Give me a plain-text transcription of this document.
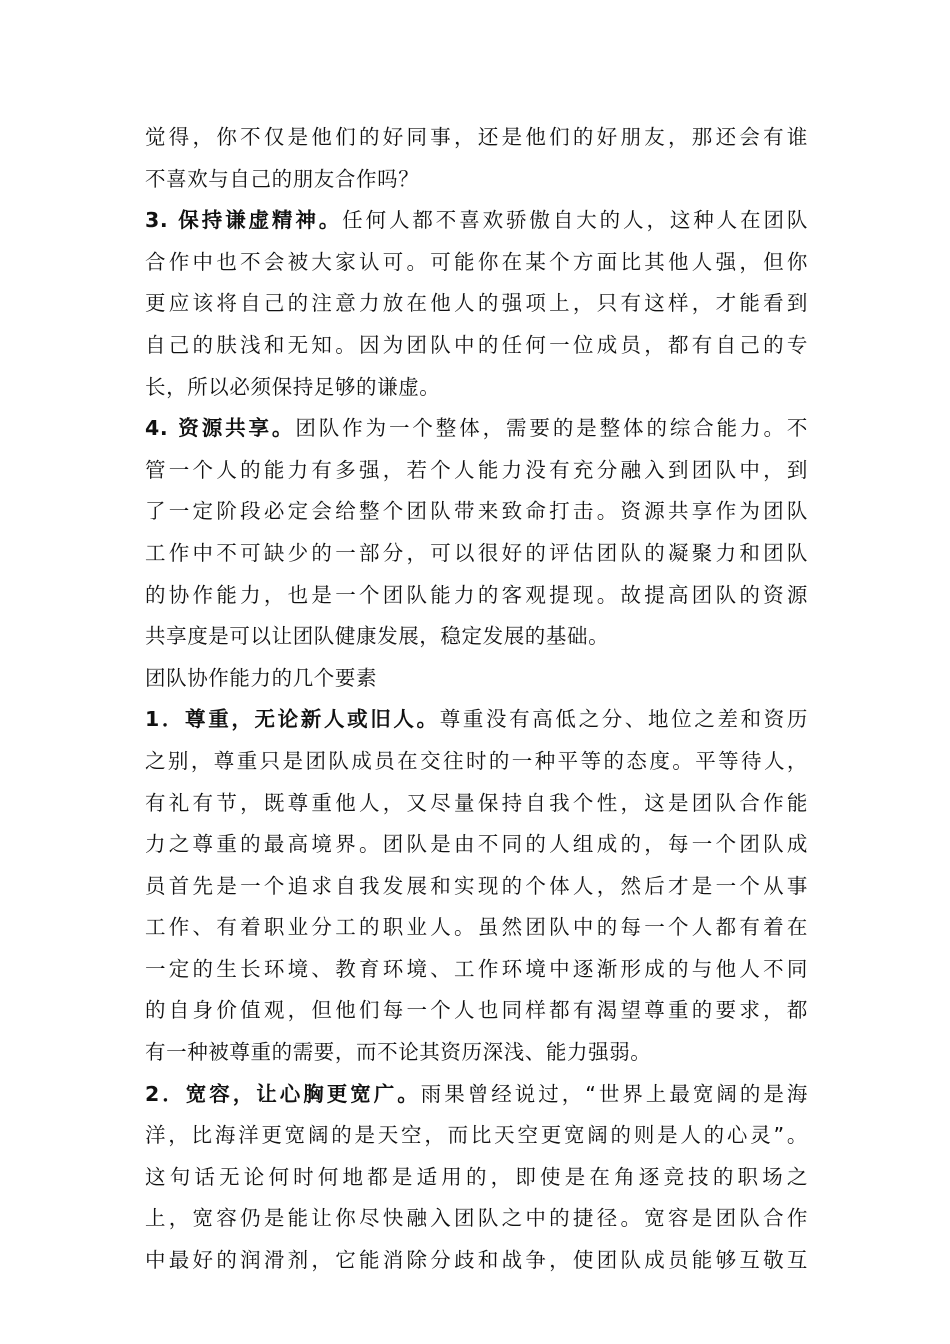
觉得，你不仅是他们的好同事，还是他们的好朋友，那还会有谁
不喜欢与自己的朋友合作吗？
3. 保持谦虚精神。任何人都不喜欢骄傲自大的人，这种人在团队
合作中也不会被大家认可。可能你在某个方面比其他人强，但你
更应该将自己的注意力放在他人的强项上，只有这样，才能看到
自己的肤浅和无知。因为团队中的任何一位成员，都有自己的专
长，所以必须保持足够的谦虚。
4. 资源共享。团队作为一个整体，需要的是整体的综合能力。不
管一个人的能力有多强，若个人能力没有充分融入到团队中，到
了一定阶段必定会给整个团队带来致命打击。资源共享作为团队
工作中不可缺少的一部分，可以很好的评估团队的凝聚力和团队
的协作能力，也是一个团队能力的客观提现。故提高团队的资源
共享度是可以让团队健康发展，稳定发展的基础。
团队协作能力的几个要素
1．尊重，无论新人或旧人。尊重没有高低之分、地位之差和资历
之别，尊重只是团队成员在交往时的一种平等的态度。平等待人，
有礼有节，既尊重他人，又尽量保持自我个性，这是团队合作能
力之尊重的最高境界。团队是由不同的人组成的，每一个团队成
员首先是一个追求自我发展和实现的个体人，然后才是一个从事
工作、有着职业分工的职业人。虽然团队中的每一个人都有着在
一定的生长环境、教育环境、工作环境中逐渐形成的与他人不同
的自身价值观，但他们每一个人也同样都有渴望尊重的要求，都
有一种被尊重的需要，而不论其资历深浅、能力强弱。
2．宽容，让心胸更宽广。雨果曾经说过，“世界上最宽阔的是海
洋，比海洋更宽阔的是天空，而比天空更宽阔的则是人的心灵”。
这句话无论何时何地都是适用的，即使是在角逐竞技的职场之
上，宽容仍是能让你尽快融入团队之中的捷径。宽容是团队合作
中最好的润滑剂，它能消除分歧和战争，使团队成员能够互敬互
